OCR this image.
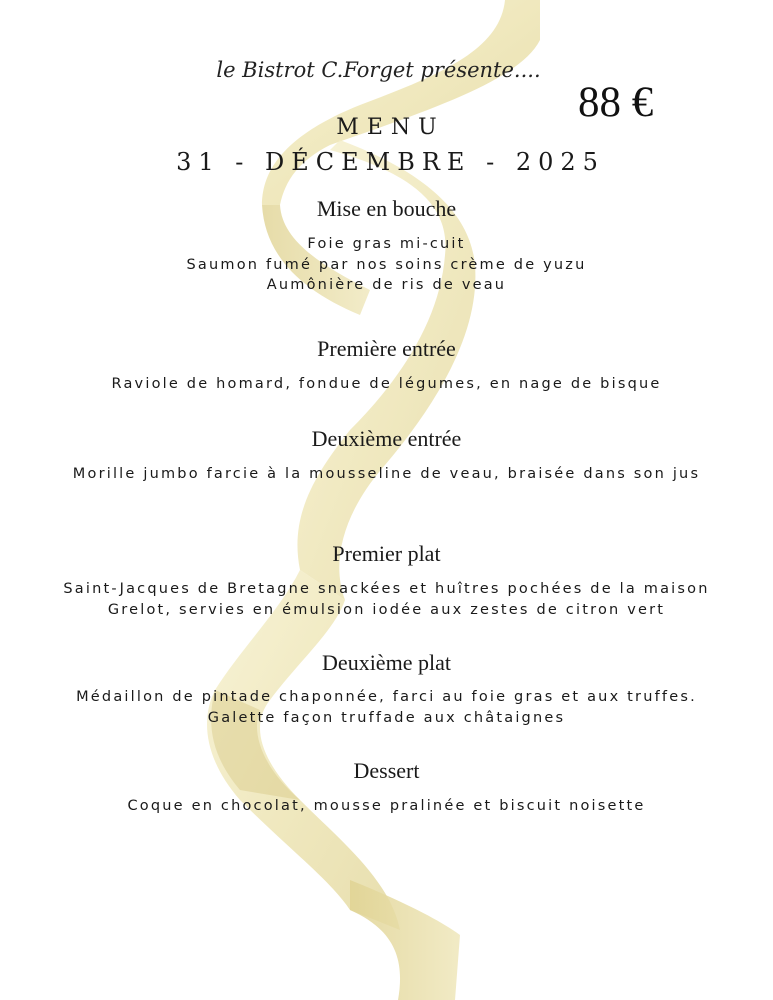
le Bistrot C.Forget présente....
88 €
MENU
31 - DÉCEMBRE - 2025
Mise en bouche
Foie gras mi-cuit
Saumon fumé par nos soins crème de yuzu
Aumônière de ris de veau
Première entrée
Raviole de homard, fondue de légumes, en nage de bisque
Deuxième entrée
Morille jumbo farcie à la mousseline de veau, braisée dans son jus
Premier plat
Saint-Jacques de Bretagne snackées et huîtres pochées de la maison Grelot, servies en émulsion iodée aux zestes de citron vert
Deuxième plat
Médaillon de pintade chaponnée, farci au foie gras et aux truffes. Galette façon truffade aux châtaignes
Dessert
Coque en chocolat, mousse pralinée et biscuit noisette
